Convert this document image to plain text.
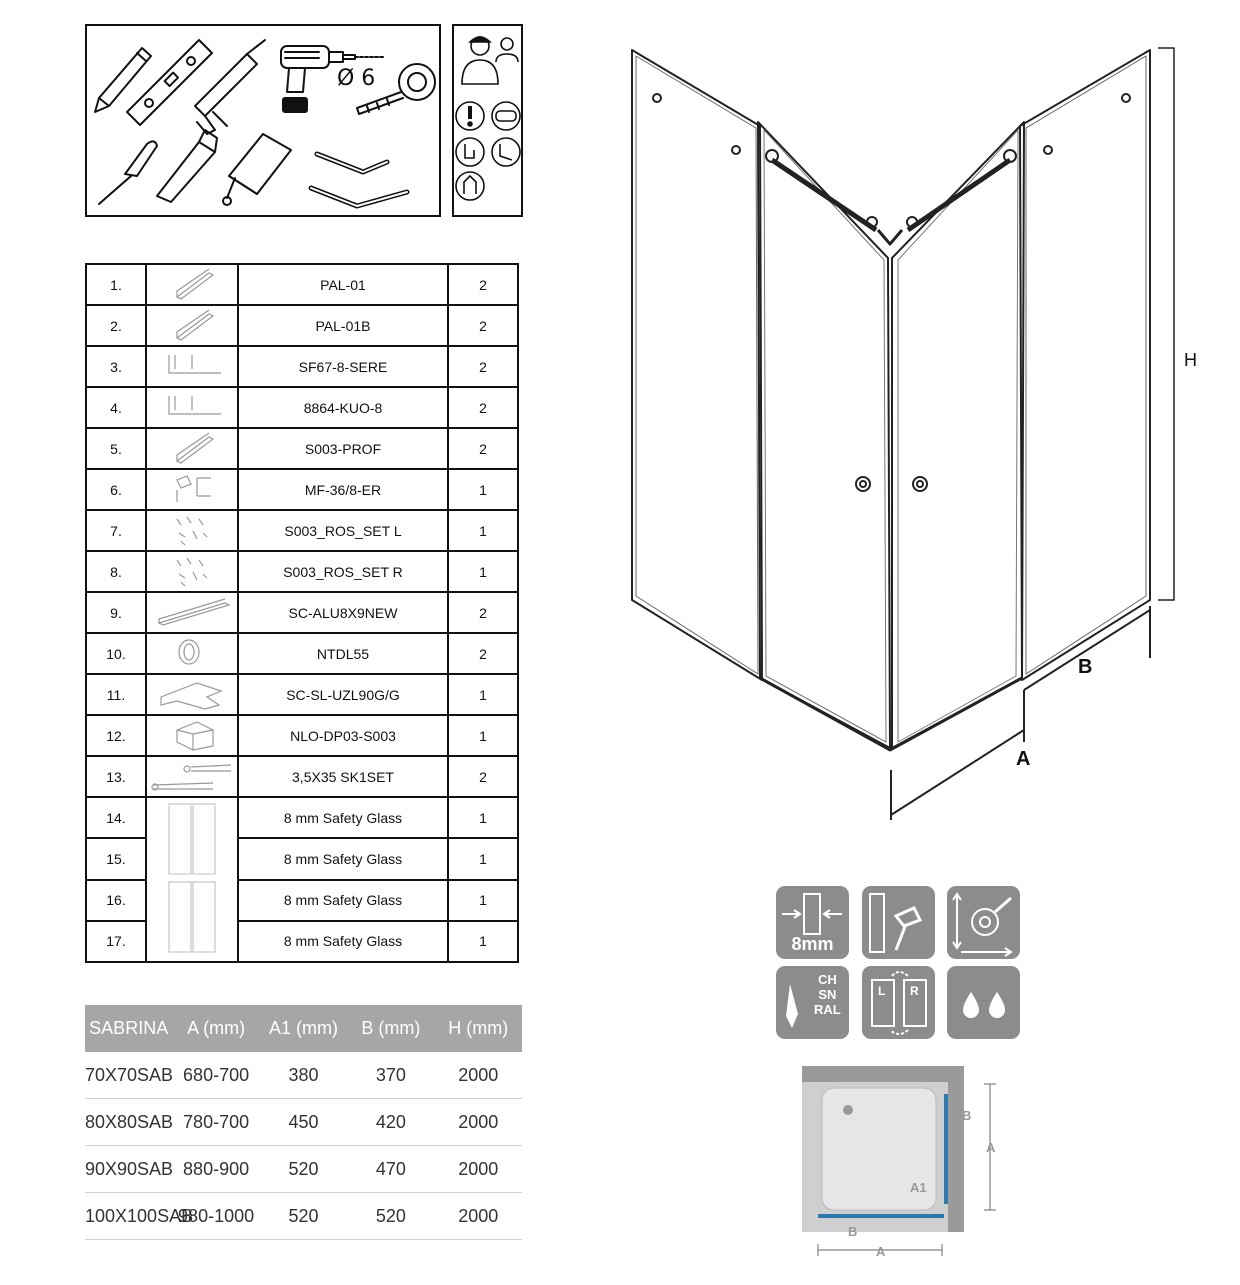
Ø 6
1.		PAL-01	2
2.		PAL-01B	2
3.		SF67-8-SERE	2
4.		8864-KUO-8	2
5.		S003-PROF	2
6.		MF-36/8-ER	1
7.		S003_ROS_SET L	1
8.		S003_ROS_SET R	1
9.		SC-ALU8X9NEW	2
10.		NTDL55	2
11.		SC-SL-UZL90G/G	1
12.		NLO-DP03-S003	1
13.		3,5X35 SK1SET	2
14.		8 mm Safety Glass	1
15.		8 mm Safety Glass	1
16.		8 mm Safety Glass	1
17.		8 mm Safety Glass	1
SABRINA	A (mm)	A1 (mm)	B (mm)	H (mm)
70X70SAB	680-700	380	370	2000
80X80SAB	780-700	450	420	2000
90X90SAB	880-900	520	470	2000
100X100SAB	980-1000	520	520	2000
H
A
B
8mm
CH
SN
RAL
L R
B
A
A1
B
A
